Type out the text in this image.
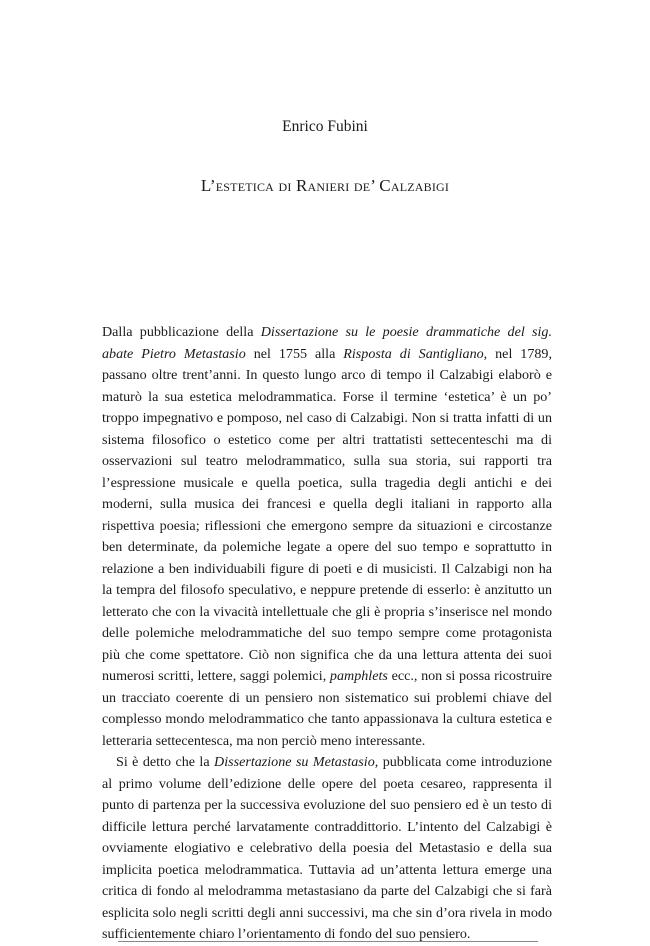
Enrico Fubini
L’estetica di Ranieri de’ Calzabigi

Dalla pubblicazione della Dissertazione su le poesie drammatiche del sig. abate Pietro Metastasio nel 1755 alla Risposta di Santigliano, nel 1789, passano oltre trent’anni. In questo lungo arco di tempo il Calzabigi elaborò e maturò la sua estetica melodrammatica. Forse il termine ‘estetica’ è un po’ troppo impegnativo e pomposo, nel caso di Calzabigi. Non si tratta infatti di un sistema filosofico o estetico come per altri trattatisti settecenteschi ma di osservazioni sul teatro melodrammatico, sulla sua storia, sui rapporti tra l’espressione musicale e quella poetica, sulla tragedia degli antichi e dei moderni, sulla musica dei francesi e quella degli italiani in rapporto alla rispettiva poesia; riflessioni che emergono sempre da situazioni e circostanze ben determinate, da polemiche legate a opere del suo tempo e soprattutto in relazione a ben individuabili figure di poeti e di musicisti. Il Calzabigi non ha la tempra del filosofo speculativo, e neppure pretende di esserlo: è anzitutto un letterato che con la vivacità intellettuale che gli è propria s’inserisce nel mondo delle polemiche melodrammatiche del suo tempo sempre come protagonista più che come spettatore. Ciò non significa che da una lettura attenta dei suoi numerosi scritti, lettere, saggi polemici, pamphlets ecc., non si possa ricostruire un tracciato coerente di un pensiero non sistematico sui problemi chiave del complesso mondo melodrammatico che tanto appassionava la cultura estetica e letteraria settecentesca, ma non perciò meno interessante.

Si è detto che la Dissertazione su Metastasio, pubblicata come introduzione al primo volume dell’edizione delle opere del poeta cesareo, rappresenta il punto di partenza per la successiva evoluzione del suo pensiero ed è un testo di difficile lettura perché larvatamente contraddittorio. L’intento del Calzabigi è ovviamente elogiativo e celebrativo della poesia del Metastasio e della sua implicita poetica melodrammatica. Tuttavia ad un’attenta lettura emerge una critica di fondo al melodramma metastasiano da parte del Calzabigi che si farà esplicita solo negli scritti degli anni successivi, ma che sin d’ora rivela in modo sufficientemente chiaro l’orientamento di fondo del suo pensiero.
